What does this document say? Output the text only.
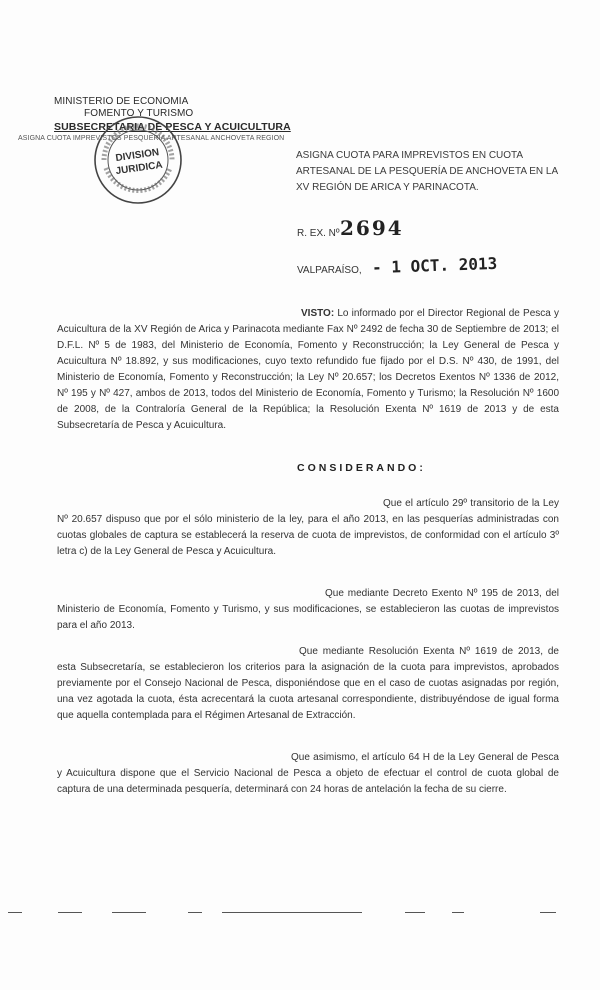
MINISTERIO DE ECONOMIA
FOMENTO Y TURISMO
SUBSECRETARIA DE PESCA Y ACUICULTURA
ASIGNA CUOTA IMPREVISTOS PESQUERIA ARTESANAL ANCHOVETA REGION
DIVISION
JURIDICA
ASIGNA CUOTA PARA IMPREVISTOS EN CUOTA ARTESANAL DE LA PESQUERÍA DE ANCHOVETA EN LA XV REGIÓN DE ARICA Y PARINACOTA.
R. EX. Nº 2694
VALPARAÍSO, - 1 OCT. 2013
VISTO: Lo informado por el Director Regional de Pesca y Acuicultura de la XV Región de Arica y Parinacota mediante Fax Nº 2492 de fecha 30 de Septiembre de 2013; el D.F.L. Nº 5 de 1983, del Ministerio de Economía, Fomento y Reconstrucción; la Ley General de Pesca y Acuicultura Nº 18.892, y sus modificaciones, cuyo texto refundido fue fijado por el D.S. Nº 430, de 1991, del Ministerio de Economía, Fomento y Reconstrucción; la Ley Nº 20.657; los Decretos Exentos Nº 1336 de 2012, Nº 195 y Nº 427, ambos de 2013, todos del Ministerio de Economía, Fomento y Turismo; la Resolución Nº 1600 de 2008, de la Contraloría General de la República; la Resolución Exenta Nº 1619 de 2013 y de esta Subsecretaría de Pesca y Acuicultura.
CONSIDERANDO:
Que el artículo 29º transitorio de la Ley Nº 20.657 dispuso que por el sólo ministerio de la ley, para el año 2013, en las pesquerías administradas con cuotas globales de captura se establecerá la reserva de cuota de imprevistos, de conformidad con el artículo 3º letra c) de la Ley General de Pesca y Acuicultura.
Que mediante Decreto Exento Nº 195 de 2013, del Ministerio de Economía, Fomento y Turismo, y sus modificaciones, se establecieron las cuotas de imprevistos para el año 2013.
Que mediante Resolución Exenta Nº 1619 de 2013, de esta Subsecretaría, se establecieron los criterios para la asignación de la cuota para imprevistos, aprobados previamente por el Consejo Nacional de Pesca, disponiéndose que en el caso de cuotas asignadas por región, una vez agotada la cuota, ésta acrecentará la cuota artesanal correspondiente, distribuyéndose de igual forma que aquella contemplada para el Régimen Artesanal de Extracción.
Que asimismo, el artículo 64 H de la Ley General de Pesca y Acuicultura dispone que el Servicio Nacional de Pesca a objeto de efectuar el control de cuota global de captura de una determinada pesquería, determinará con 24 horas de antelación la fecha de su cierre.
